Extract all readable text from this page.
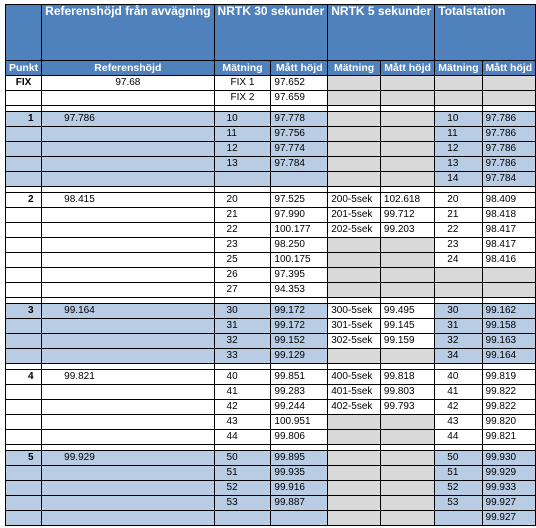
	Referenshöjd från avvägning	NRTK 30 sekunder		NRTK 5 sekunder		Totalstation	
Punkt	Referenshöjd	Mätning	Mått höjd	Mätning	Mått höjd	Mätning	Mått höjd
FIX	97.68	FIX 1	97.652				
		FIX 2	97.659				

1	97.786	10	97.778			10	97.786
		11	97.756			11	97.786
		12	97.774			12	97.786
		13	97.784			13	97.786
						14	97.784

2	98.415	20	97.525	200-5sek	102.618	20	98.409
		21	97.990	201-5sek	99.712	21	98.418
		22	100.177	202-5sek	99.203	22	98.417
		23	98.250			23	98.417
		25	100.175			24	98.416
		26	97.395				
		27	94.353				

3	99.164	30	99.172	300-5sek	99.495	30	99.162
		31	99.172	301-5sek	99.145	31	99.158
		32	99.152	302-5sek	99.159	32	99.163
		33	99.129			34	99.164

4	99.821	40	99.851	400-5sek	99.818	40	99.819
		41	99.283	401-5sek	99.803	41	99.822
		42	99.244	402-5sek	99.793	42	99.822
		43	100.951			43	99.820
		44	99.806			44	99.821

5	99.929	50	99.895			50	99.930
		51	99.935			51	99.929
		52	99.916			52	99.933
		53	99.887			53	99.927
							99.927
